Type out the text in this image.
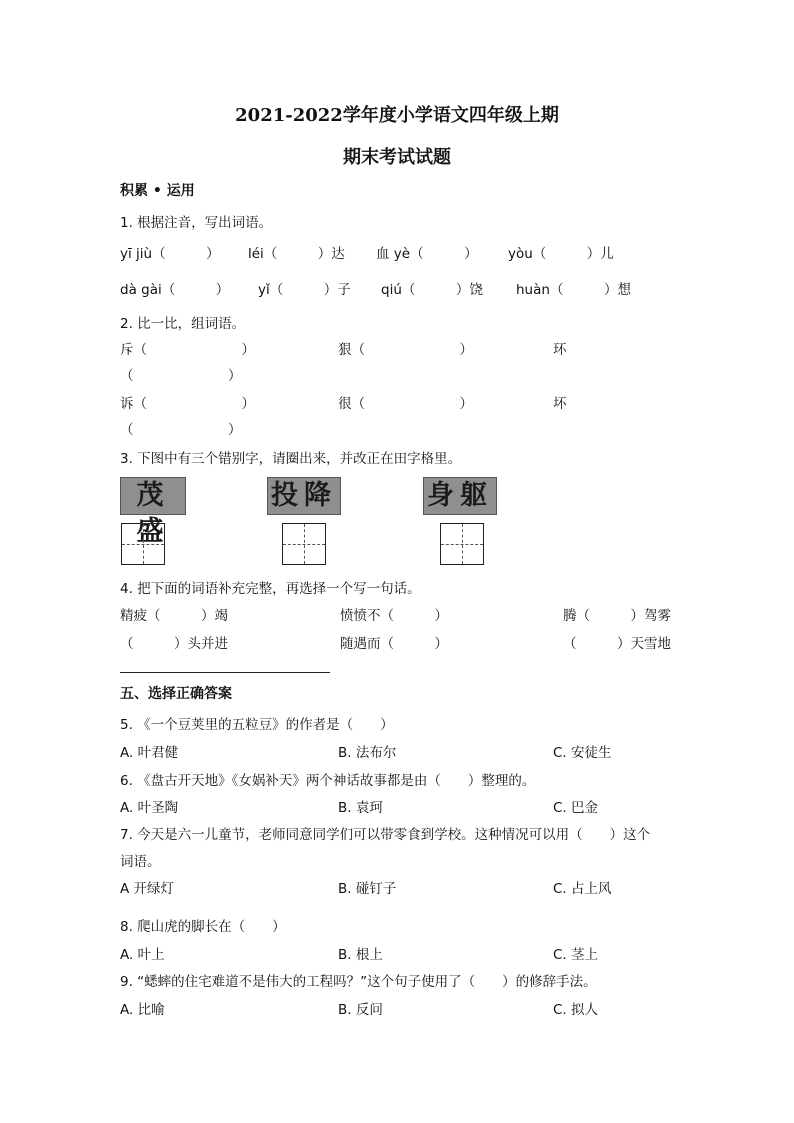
2021-2022学年度小学语文四年级上期
期末考试试题
积累 • 运用
1. 根据注音，写出词语。
yī jiù（　　　） léi（　　　）达 血 yè（　　　） yòu（　　　）儿
dà gài（　　　） yǐ（　　　）子 qiú（　　　）饶 huàn（　　　）想
2. 比一比，组词语。
斥（　　　　　　　）	狠（　　　　　　　）	环
（　　　　　　　）
诉（　　　　　　　）	很（　　　　　　　）	坏
（　　　　　　　）
3. 下图中有三个错别字，请圈出来，并改正在田字格里。
茂盛
投降	身躯
4. 把下面的词语补充完整，再选择一个写一句话。
精疲（　　　）竭	愤愤不（　　　）	腾（　　　）驾雾
（　　　）头并进	随遇而（　　　）	（　　　）天雪地
五、选择正确答案
5. 《一个豆荚里的五粒豆》的作者是（　　）
A. 叶君健	B. 法布尔	C. 安徒生
6. 《盘古开天地》《女娲补天》两个神话故事都是由（　　）整理的。
A. 叶圣陶	B. 袁珂	C. 巴金
7. 今天是六一儿童节，老师同意同学们可以带零食到学校。这种情况可以用（　　）这个
词语。
A 开绿灯	B. 碰钉子	C. 占上风
8. 爬山虎的脚长在（　　）
A. 叶上	B. 根上	C. 茎上
9. “蟋蟀的住宅难道不是伟大的工程吗？”这个句子使用了（　　）的修辞手法。
A. 比喻	B. 反问	C. 拟人
